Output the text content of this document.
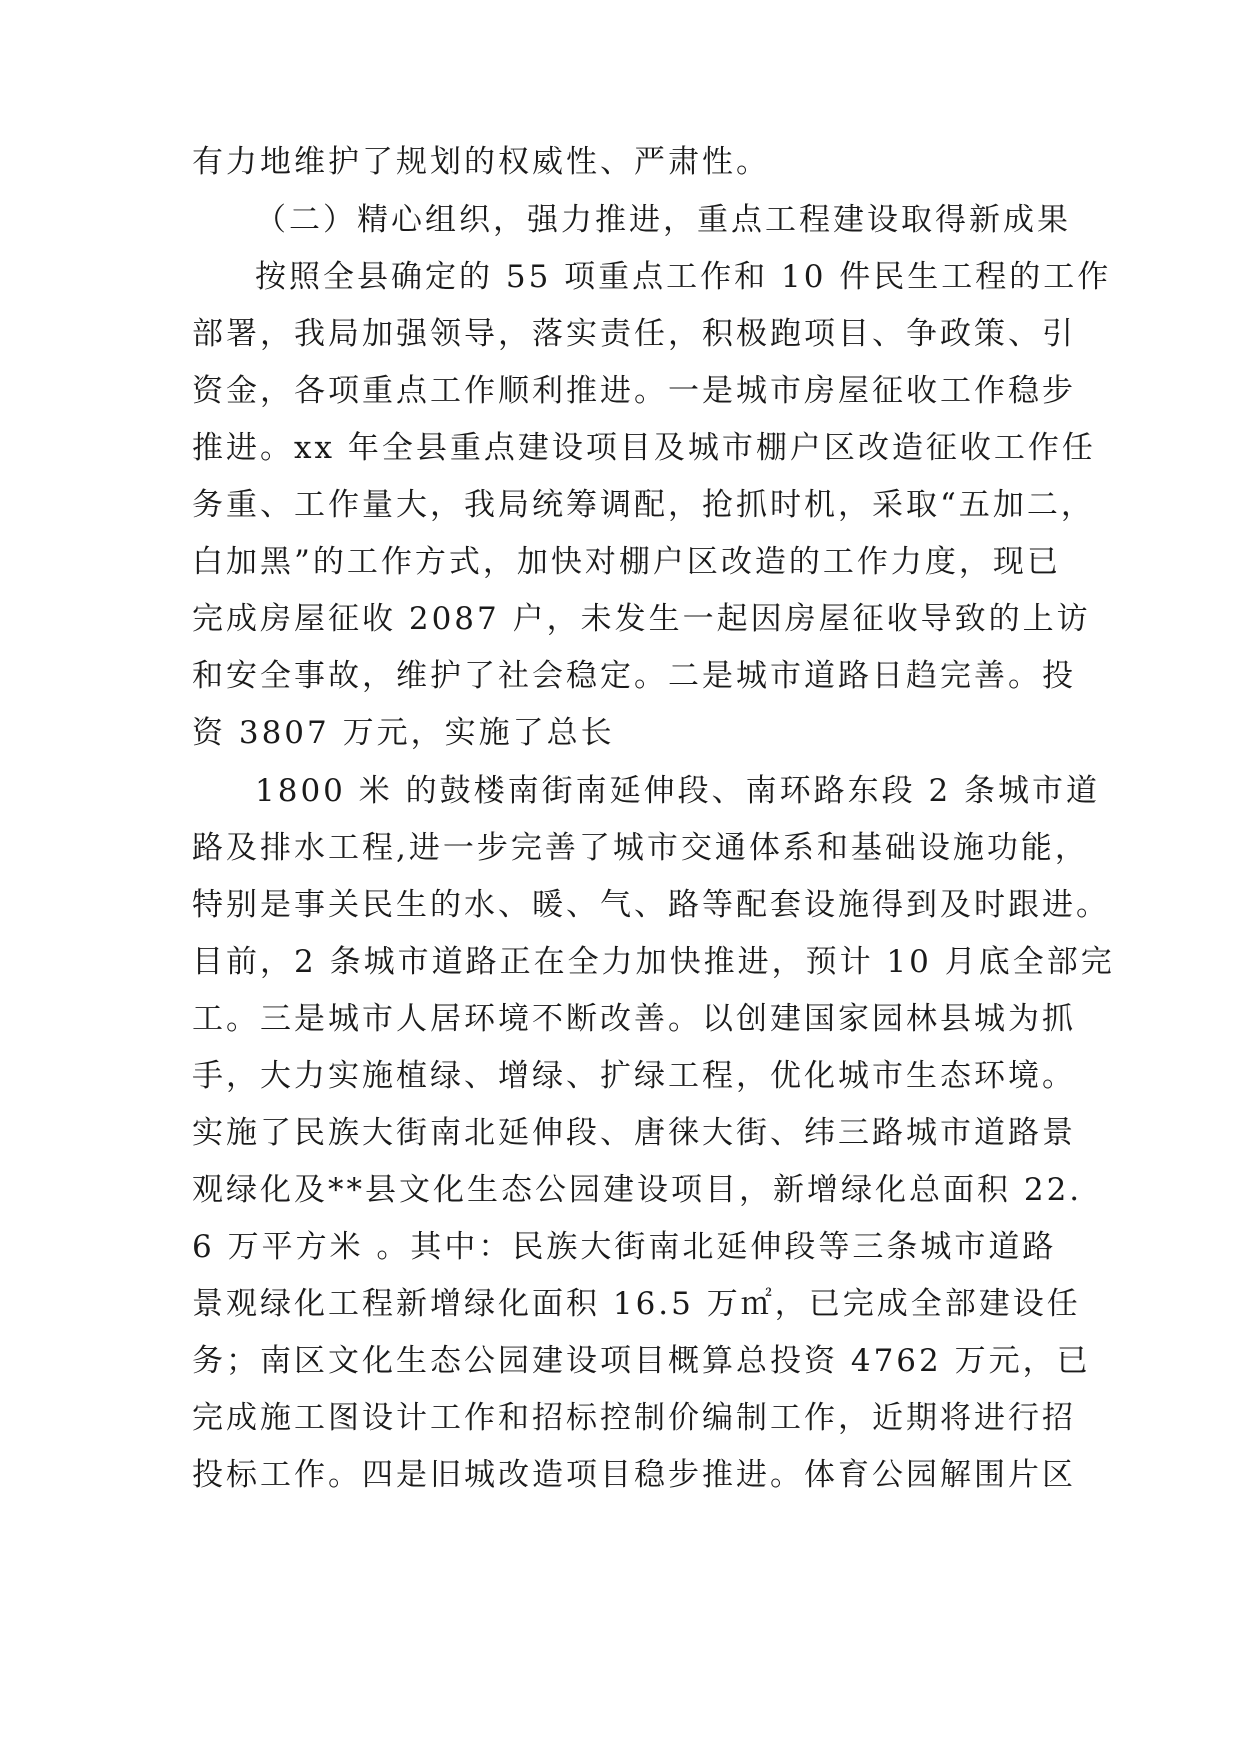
有力地维护了规划的权威性、严肃性。
（二）精心组织，强力推进，重点工程建设取得新成果
按照全县确定的 55 项重点工作和 10 件民生工程的工作
部署，我局加强领导，落实责任，积极跑项目、争政策、引
资金，各项重点工作顺利推进。一是城市房屋征收工作稳步
推进。xx 年全县重点建设项目及城市棚户区改造征收工作任
务重、工作量大，我局统筹调配，抢抓时机，采取“五加二，
白加黑”的工作方式，加快对棚户区改造的工作力度，现已
完成房屋征收 2087 户，未发生一起因房屋征收导致的上访
和安全事故，维护了社会稳定。二是城市道路日趋完善。投
资 3807 万元，实施了总长
1800 米 的鼓楼南街南延伸段、南环路东段 2 条城市道
路及排水工程,进一步完善了城市交通体系和基础设施功能，
特别是事关民生的水、暖、气、路等配套设施得到及时跟进。
目前，2 条城市道路正在全力加快推进，预计 10 月底全部完
工。三是城市人居环境不断改善。以创建国家园林县城为抓
手，大力实施植绿、增绿、扩绿工程，优化城市生态环境。
实施了民族大街南北延伸段、唐徕大街、纬三路城市道路景
观绿化及**县文化生态公园建设项目，新增绿化总面积 22.
6 万平方米 。其中：民族大街南北延伸段等三条城市道路
景观绿化工程新增绿化面积 16.5 万㎡，已完成全部建设任
务；南区文化生态公园建设项目概算总投资 4762 万元，已
完成施工图设计工作和招标控制价编制工作，近期将进行招
投标工作。四是旧城改造项目稳步推进。体育公园解围片区
